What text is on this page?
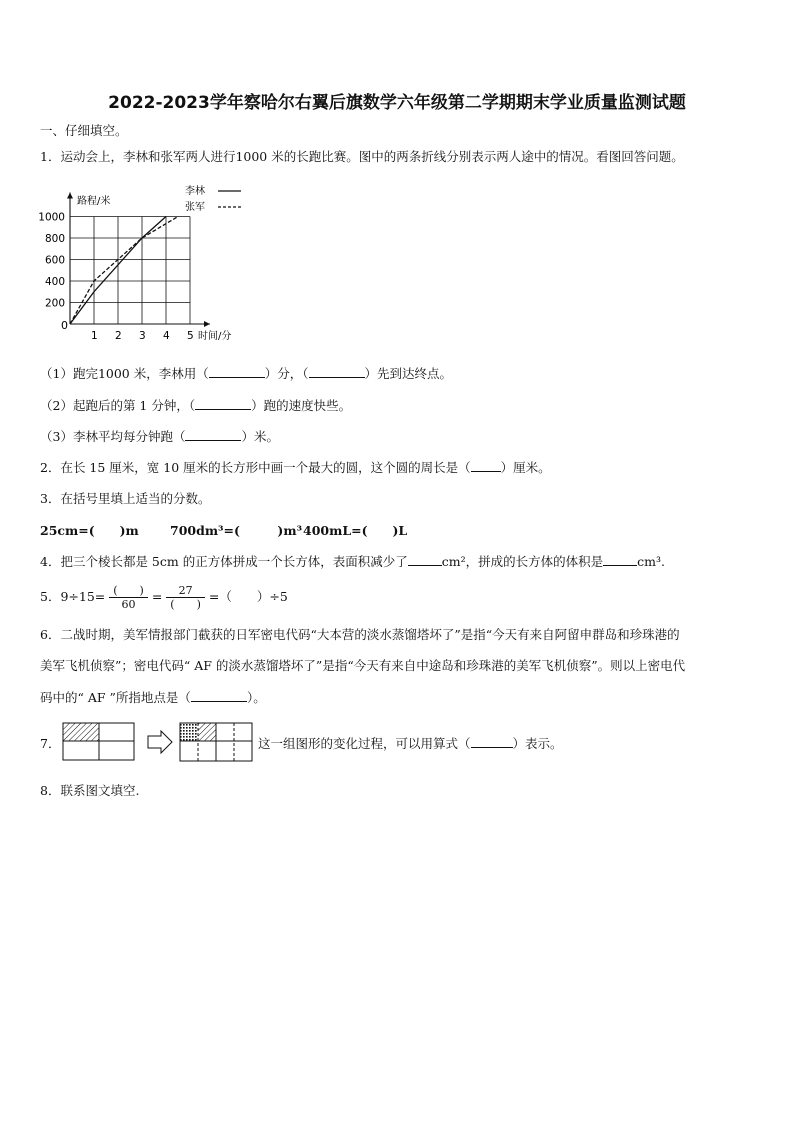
2022-2023学年察哈尔右翼后旗数学六年级第二学期期末学业质量监测试题
一、仔细填空。
1．运动会上，李林和张军两人进行1000 米的长跑比赛。图中的两条折线分别表示两人途中的情况。看图回答问题。
1 2 3 4 5
200
400
600
800
1000
路程/米
时间/分
0
李林
张军
（1）跑完1000 米，李林用（	）分，（	）先到达终点。
（2）起跑后的第 1 分钟，（	）跑的速度快些。
（3）李林平均每分钟跑（	）米。
2．在长 15 厘米，宽 10 厘米的长方形中画一个最大的圆，这个圆的周长是（ ）厘米。
3．在括号里填上适当的分数。
25cm=(　　)m 700dm³=(　　　)m³ 400mL=(　　)L
4．把三个棱长都是 5cm 的正方体拼成一个长方体，表面积减少了	cm²，拼成的长方体的体积是	cm³.
5．$9\div 15= \frac{( )}{60} = \frac{27}{( )}$ =（　　）÷5
6．二战时期，美军情报部门截获的日军密电代码“大本营的淡水蒸馏塔坏了”是指“今天有来自阿留申群岛和珍珠港的
美军飞机侦察”；密电代码“ AF 的淡水蒸馏塔坏了”是指“今天有来自中途岛和珍珠港的美军飞机侦察”。则以上密电代
码中的“ AF ”所指地点是（	）。
7．	这一组图形的变化过程，可以用算式（	）表示。
8．联系图文填空.
